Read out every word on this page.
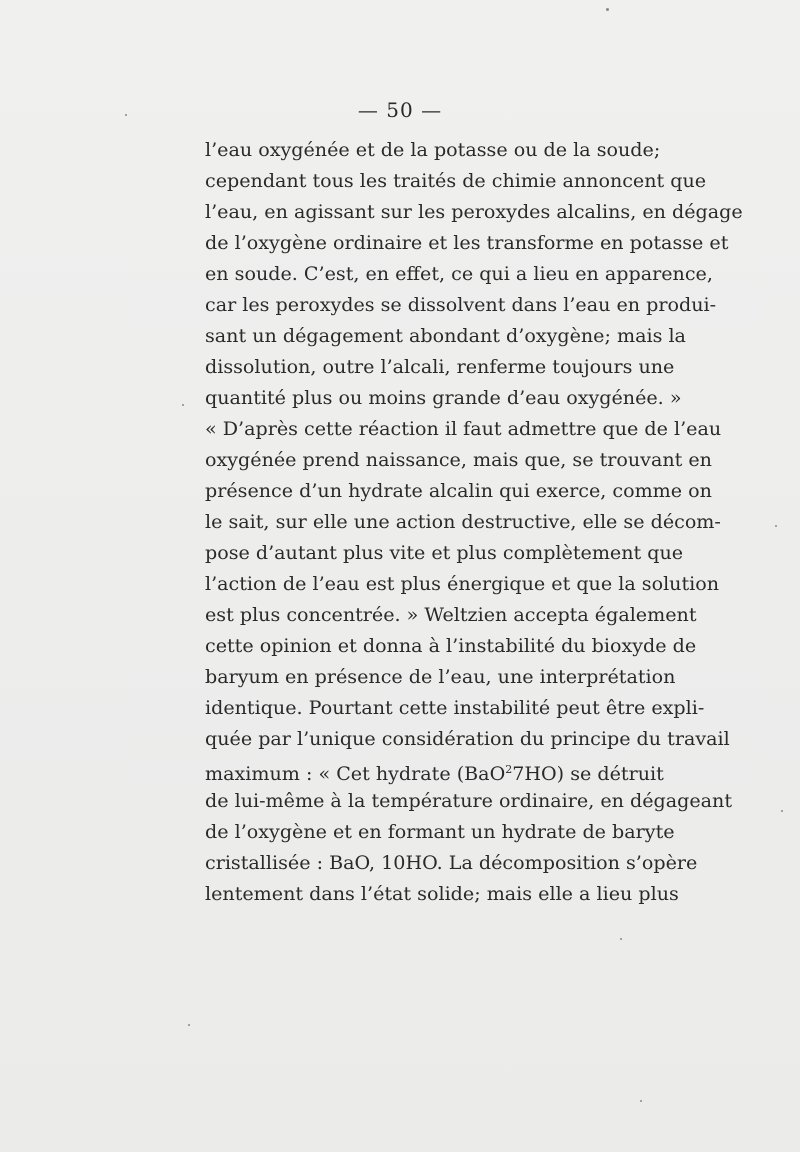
— 50 —
l’eau oxygénée et de la potasse ou de la soude;
cependant tous les traités de chimie annoncent que
l’eau, en agissant sur les peroxydes alcalins, en dégage
de l’oxygène ordinaire et les transforme en potasse et
en soude. C’est, en effet, ce qui a lieu en apparence,
car les peroxydes se dissolvent dans l’eau en produi-
sant un dégagement abondant d’oxygène; mais la
dissolution, outre l’alcali, renferme toujours une
quantité plus ou moins grande d’eau oxygénée. »
« D’après cette réaction il faut admettre que de l’eau
oxygénée prend naissance, mais que, se trouvant en
présence d’un hydrate alcalin qui exerce, comme on
le sait, sur elle une action destructive, elle se décom-
pose d’autant plus vite et plus complètement que
l’action de l’eau est plus énergique et que la solution
est plus concentrée. » Weltzien accepta également
cette opinion et donna à l’instabilité du bioxyde de
baryum en présence de l’eau, une interprétation
identique. Pourtant cette instabilité peut être expli-
quée par l’unique considération du principe du travail
maximum : « Cet hydrate (BaO$^2$7HO) se détruit
de lui-même à la température ordinaire, en dégageant
de l’oxygène et en formant un hydrate de baryte
cristallisée : BaO, 10HO. La décomposition s’opère
lentement dans l’état solide; mais elle a lieu plus
